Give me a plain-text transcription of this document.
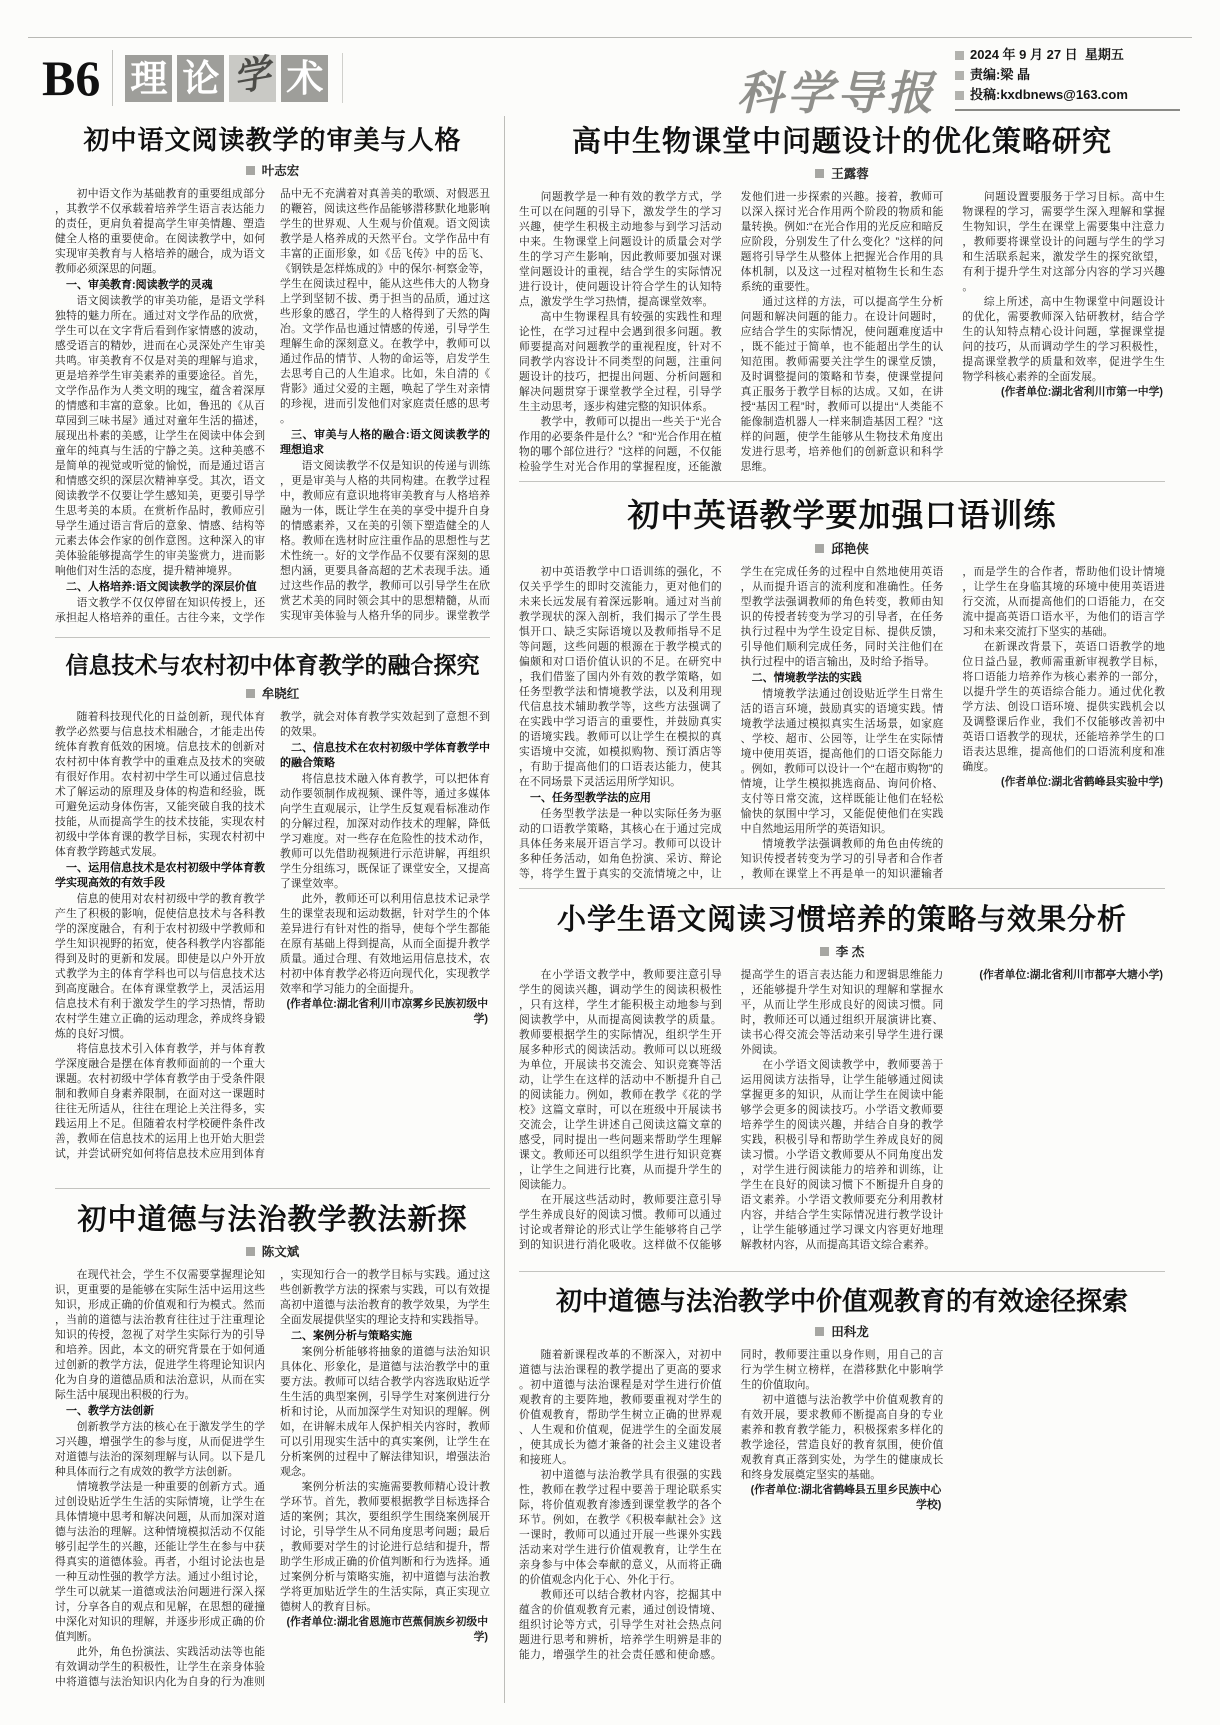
B6 理 论 学 术	科学导报
2024 年 9 月 27 日
星期五
责编:梁 晶
投稿:kxdbnews@163.com
初中语文阅读教学的审美与人格
叶志宏

初中语文作为基础教育的重要组成部分，其教学不仅承载着培养学生语言表达能力的责任，更肩负着提高学生审美情趣、塑造健全人格的重要使命。在阅读教学中，如何实现审美教育与人格培养的融合，成为语文教师必须深思的问题。

一、审美教育:阅读教学的灵魂

语文阅读教学的审美功能，是语文学科独特的魅力所在。通过对文学作品的欣赏，学生可以在文字背后看到作家情感的波动，感受语言的精妙，进而在心灵深处产生审美共鸣。审美教育不仅是对美的理解与追求，更是培养学生审美素养的重要途径。首先，文学作品作为人类文明的瑰宝，蕴含着深厚的情感和丰富的意象。比如，鲁迅的《从百草园到三味书屋》通过对童年生活的描述，展现出朴素的美感，让学生在阅读中体会到童年的纯真与生活的宁静之美。这种美感不是简单的视觉或听觉的愉悦，而是通过语言和情感交织的深层次精神享受。其次，语文阅读教学不仅要让学生感知美，更要引导学生思考美的本质。在赏析作品时，教师应引导学生通过语言背后的意象、情感、结构等元素去体会作家的创作意图。这种深入的审美体验能够提高学生的审美鉴赏力，进而影响他们对生活的态度，提升精神境界。

二、人格培养:语文阅读教学的深层价值

语文教学不仅仅停留在知识传授上，还承担起人格培养的重任。古往今来，文学作品中无不充满着对真善美的歌颂、对假恶丑的鞭笞，阅读这些作品能够潜移默化地影响学生的世界观、人生观与价值观。语文阅读教学是人格养成的天然平台。文学作品中有丰富的正面形象，如《岳飞传》中的岳飞、《钢铁是怎样炼成的》中的保尔·柯察金等，学生在阅读过程中，能从这些伟大的人物身上学到坚韧不拔、勇于担当的品质，通过这些形象的感召，学生的人格得到了天然的陶冶。文学作品也通过情感的传递，引导学生理解生命的深刻意义。在教学中，教师可以通过作品的情节、人物的命运等，启发学生去思考自己的人生追求。比如，朱自清的《背影》通过父爱的主题，唤起了学生对亲情的珍视，进而引发他们对家庭责任感的思考。

三、审美与人格的融合:语文阅读教学的理想追求

语文阅读教学不仅是知识的传递与训练，更是审美与人格的共同构建。在教学过程中，教师应有意识地将审美教育与人格培养融为一体，既让学生在美的享受中提升自身的情感素养，又在美的引领下塑造健全的人格。教师在选材时应注重作品的思想性与艺术性统一。好的文学作品不仅要有深刻的思想内涵，更要具备高超的艺术表现手法。通过这些作品的教学，教师可以引导学生在欣赏艺术美的同时领会其中的思想精髓，从而实现审美体验与人格升华的同步。课堂教学

信息技术与农村初中体育教学的融合探究
牟晓红

随着科技现代化的日益创新，现代体育教学必然要与信息技术相融合，才能走出传统体育教育低效的困境。信息技术的创新对农村初中体育教学中的重难点及技术的突破有很好作用。农村初中学生可以通过信息技术了解运动的原理及身体的构造和经验，既可避免运动身体伤害，又能突破自我的技术技能，从而提高学生的技术技能，实现农村初级中学体育课的教学目标，实现农村初中体育教学跨越式发展。

一、运用信息技术是农村初级中学体育教学实现高效的有效手段

信息的使用对农村初级中学的教育教学产生了积极的影响，促使信息技术与各科教学的深度融合，有利于农村初级中学教师和学生知识视野的拓宽，使各科教学内容都能得到及时的更新和发展。即使是以户外开放式教学为主的体育学科也可以与信息技术达到高度融合。在体育课堂教学上，灵活运用信息技术有利于激发学生的学习热情，帮助农村学生建立正确的运动理念，养成终身锻炼的良好习惯。

将信息技术引入体育教学，并与体育教学深度融合是摆在体育教师面前的一个重大课题。农村初级中学体育教学由于受条件限制和教师自身素养限制，在面对这一课题时往往无所适从，往往在理论上关注得多，实践运用上不足。但随着农村学校硬件条件改善，教师在信息技术的运用上也开始大胆尝试，并尝试研究如何将信息技术应用到体育教学，就会对体育教学实效起到了意想不到的效果。

二、信息技术在农村初级中学体育教学中的融合策略

将信息技术融入体育教学，可以把体育动作要领制作成视频、课件等，通过多媒体向学生直观展示，让学生反复观看标准动作的分解过程，加深对动作技术的理解，降低学习难度。对一些存在危险性的技术动作，教师可以先借助视频进行示范讲解，再组织学生分组练习，既保证了课堂安全，又提高了课堂效率。

此外，教师还可以利用信息技术记录学生的课堂表现和运动数据，针对学生的个体差异进行有针对性的指导，使每个学生都能在原有基础上得到提高，从而全面提升教学质量。通过合理、有效地运用信息技术，农村初中体育教学必将迈向现代化，实现教学效率和学习能力的全面提升。

(作者单位:湖北省利川市凉雾乡民族初级中学)

初中道德与法治教学教法新探
陈文斌

在现代社会，学生不仅需要掌握理论知识，更重要的是能够在实际生活中运用这些知识，形成正确的价值观和行为模式。然而，当前的道德与法治教育往往过于注重理论知识的传授，忽视了对学生实际行为的引导和培养。因此，本文的研究背景在于如何通过创新的教学方法，促进学生将理论知识内化为自身的道德品质和法治意识，从而在实际生活中展现出积极的行为。

一、教学方法创新

创新教学方法的核心在于激发学生的学习兴趣，增强学生的参与度，从而促进学生对道德与法治的深刻理解与认同。以下是几种具体而行之有成效的教学方法创新。

情境教学法是一种重要的创新方式。通过创设贴近学生生活的实际情境，让学生在具体情境中思考和解决问题，从而加深对道德与法治的理解。这种情境模拟活动不仅能够引起学生的兴趣，还能让学生在参与中获得真实的道德体验。再者，小组讨论法也是一种互动性强的教学方法。通过小组讨论，学生可以就某一道德或法治问题进行深入探讨，分享各自的观点和见解，在思想的碰撞中深化对知识的理解，并逐步形成正确的价值判断。

此外，角色扮演法、实践活动法等也能有效调动学生的积极性，让学生在亲身体验中将道德与法治知识内化为自身的行为准则，实现知行合一的教学目标与实践。通过这些创新教学方法的探索与实践，可以有效提高初中道德与法治教育的教学效果，为学生全面发展提供坚实的理论支持和实践指导。

二、案例分析与策略实施

案例分析能够将抽象的道德与法治知识具体化、形象化，是道德与法治教学中的重要方法。教师可以结合教学内容选取贴近学生生活的典型案例，引导学生对案例进行分析和讨论，从而加深学生对知识的理解。例如，在讲解未成年人保护相关内容时，教师可以引用现实生活中的真实案例，让学生在分析案例的过程中了解法律知识，增强法治观念。

案例分析法的实施需要教师精心设计教学环节。首先，教师要根据教学目标选择合适的案例；其次，要组织学生围绕案例展开讨论，引导学生从不同角度思考问题；最后，教师要对学生的讨论进行总结和提升，帮助学生形成正确的价值判断和行为选择。通过案例分析与策略实施，初中道德与法治教学将更加贴近学生的生活实际，真正实现立德树人的教育目标。

(作者单位:湖北省恩施市芭蕉侗族乡初级中学)

高中生物课堂中问题设计的优化策略研究
王露蓉

问题教学是一种有效的教学方式，学生可以在问题的引导下，激发学生的学习兴趣，使学生积极主动地参与到学习活动中来。生物课堂上问题设计的质量会对学生的学习产生影响，因此教师要加强对课堂问题设计的重视，结合学生的实际情况进行设计，使问题设计符合学生的认知特点，激发学生学习热情，提高课堂效率。

高中生物课程具有较强的实践性和理论性，在学习过程中会遇到很多问题。教师要提高对问题教学的重视程度，针对不同教学内容设计不同类型的问题，注重问题设计的技巧，把提出问题、分析问题和解决问题贯穿于课堂教学全过程，引导学生主动思考，逐步构建完整的知识体系。

教学中，教师可以提出一些关于“光合作用的必要条件是什么？”和“光合作用在植物的哪个部位进行？”这样的问题，不仅能检验学生对光合作用的掌握程度，还能激发他们进一步探索的兴趣。接着，教师可以深入探讨光合作用两个阶段的物质和能量转换。例如:“在光合作用的光反应和暗反应阶段，分别发生了什么变化？”这样的问题将引导学生从整体上把握光合作用的具体机制，以及这一过程对植物生长和生态系统的重要性。

通过这样的方法，可以提高学生分析问题和解决问题的能力。在设计问题时，应结合学生的实际情况，使问题难度适中，既不能过于简单，也不能超出学生的认知范围。教师需要关注学生的课堂反馈，及时调整提问的策略和节奏，使课堂提问真正服务于教学目标的达成。又如，在讲授“基因工程”时，教师可以提出“人类能不能像制造机器人一样来制造基因工程？”这样的问题，使学生能够从生物技术角度出发进行思考，培养他们的创新意识和科学思维。

问题设置要服务于学习目标。高中生物课程的学习，需要学生深入理解和掌握生物知识，学生在课堂上需要集中注意力，教师要将课堂设计的问题与学生的学习和生活联系起来，激发学生的探究欲望，有利于提升学生对这部分内容的学习兴趣。

综上所述，高中生物课堂中问题设计的优化，需要教师深入钻研教材，结合学生的认知特点精心设计问题，掌握课堂提问的技巧，从而调动学生的学习积极性，提高课堂教学的质量和效率，促进学生生物学科核心素养的全面发展。

(作者单位:湖北省利川市第一中学)

初中英语教学要加强口语训练
邱艳侠

初中英语教学中口语训练的强化，不仅关乎学生的即时交流能力，更对他们的未来长远发展有着深远影响。通过对当前教学现状的深入剖析，我们揭示了学生畏惧开口、缺乏实际语境以及教师指导不足等问题，这些问题的根源在于教学模式的偏颇和对口语价值认识的不足。在研究中，我们借鉴了国内外有效的教学策略，如任务型教学法和情境教学法，以及利用现代信息技术辅助教学等，这些方法强调了在实践中学习语言的重要性，并鼓励真实的语境实践。教师可以让学生在模拟的真实语境中交流，如模拟购物、预订酒店等，有助于提高他们的口语表达能力，使其在不同场景下灵活运用所学知识。

一、任务型教学法的应用

任务型教学法是一种以实际任务为驱动的口语教学策略，其核心在于通过完成具体任务来展开语言学习。教师可以设计多种任务活动，如角色扮演、采访、辩论等，将学生置于真实的交流情境之中，让学生在完成任务的过程中自然地使用英语，从而提升语言的流利度和准确性。任务型教学法强调教师的角色转变，教师由知识的传授者转变为学习的引导者，在任务执行过程中为学生设定目标、提供反馈，引导他们顺利完成任务，同时关注他们在执行过程中的语言输出，及时给予指导。

二、情境教学法的实践

情境教学法通过创设贴近学生日常生活的语言环境，鼓励真实的语境实践。情境教学法通过模拟真实生活场景，如家庭、学校、超市、公园等，让学生在实际情境中使用英语，提高他们的口语交际能力。例如，教师可以设计一个“在超市购物”的情境，让学生模拟挑选商品、询问价格、支付等日常交流，这样既能让他们在轻松愉快的氛围中学习，又能促使他们在实践中自然地运用所学的英语知识。

情境教学法强调教师的角色由传统的知识传授者转变为学习的引导者和合作者，教师在课堂上不再是单一的知识灌输者，而是学生的合作者，帮助他们设计情境，让学生在身临其境的环境中使用英语进行交流，从而提高他们的口语能力，在交流中提高英语口语水平，为他们的语言学习和未来交流打下坚实的基础。

在新课改背景下，英语口语教学的地位日益凸显，教师需重新审视教学目标，将口语能力培养作为核心素养的一部分，以提升学生的英语综合能力。通过优化教学方法、创设口语环境、提供实践机会以及调整课后作业，我们不仅能够改善初中英语口语教学的现状，还能培养学生的口语表达思维，提高他们的口语流利度和准确度。

(作者单位:湖北省鹤峰县实验中学)

小学生语文阅读习惯培养的策略与效果分析
李 杰

在小学语文教学中，教师要注意引导学生的阅读兴趣，调动学生的阅读积极性，只有这样，学生才能积极主动地参与到阅读教学中，从而提高阅读教学的质量。教师要根据学生的实际情况，组织学生开展多种形式的阅读活动。教师可以以班级为单位，开展读书交流会、知识竞赛等活动，让学生在这样的活动中不断提升自己的阅读能力。例如，教师在教学《花的学校》这篇文章时，可以在班级中开展读书交流会，让学生讲述自己阅读这篇文章的感受，同时提出一些问题来帮助学生理解课文。教师还可以组织学生进行知识竞赛，让学生之间进行比赛，从而提升学生的阅读能力。

在开展这些活动时，教师要注意引导学生养成良好的阅读习惯。教师可以通过讨论或者辩论的形式让学生能够将自己学到的知识进行消化吸收。这样做不仅能够提高学生的语言表达能力和逻辑思维能力，还能够提升学生对知识的理解和掌握水平，从而让学生形成良好的阅读习惯。同时，教师还可以通过组织开展演讲比赛、读书心得交流会等活动来引导学生进行课外阅读。

在小学语文阅读教学中，教师要善于运用阅读方法指导，让学生能够通过阅读掌握更多的知识，从而让学生在阅读中能够学会更多的阅读技巧。小学语文教师要培养学生的阅读兴趣，并结合自身的教学实践，积极引导和帮助学生养成良好的阅读习惯。小学语文教师要从不同角度出发，对学生进行阅读能力的培养和训练，让学生在良好的阅读习惯下不断提升自身的语文素养。小学语文教师要充分利用教材内容，并结合学生实际情况进行教学设计，让学生能够通过学习课文内容更好地理解教材内容，从而提高其语文综合素养。

(作者单位:湖北省利川市都亭大塘小学)

初中道德与法治教学中价值观教育的有效途径探索
田科龙

随着新课程改革的不断深入，对初中道德与法治课程的教学提出了更高的要求。初中道德与法治课程是对学生进行价值观教育的主要阵地，教师要重视对学生的价值观教育，帮助学生树立正确的世界观、人生观和价值观，促进学生的全面发展，使其成长为德才兼备的社会主义建设者和接班人。

初中道德与法治教学具有很强的实践性，教师在教学过程中要善于理论联系实际，将价值观教育渗透到课堂教学的各个环节。例如，在教学《积极奉献社会》这一课时，教师可以通过开展一些课外实践活动来对学生进行价值观教育，让学生在亲身参与中体会奉献的意义，从而将正确的价值观念内化于心、外化于行。

教师还可以结合教材内容，挖掘其中蕴含的价值观教育元素，通过创设情境、组织讨论等方式，引导学生对社会热点问题进行思考和辨析，培养学生明辨是非的能力，增强学生的社会责任感和使命感。同时，教师要注重以身作则，用自己的言行为学生树立榜样，在潜移默化中影响学生的价值取向。

初中道德与法治教学中价值观教育的有效开展，要求教师不断提高自身的专业素养和教育教学能力，积极探索多样化的教学途径，营造良好的教育氛围，使价值观教育真正落到实处，为学生的健康成长和终身发展奠定坚实的基础。

(作者单位:湖北省鹤峰县五里乡民族中心学校)
